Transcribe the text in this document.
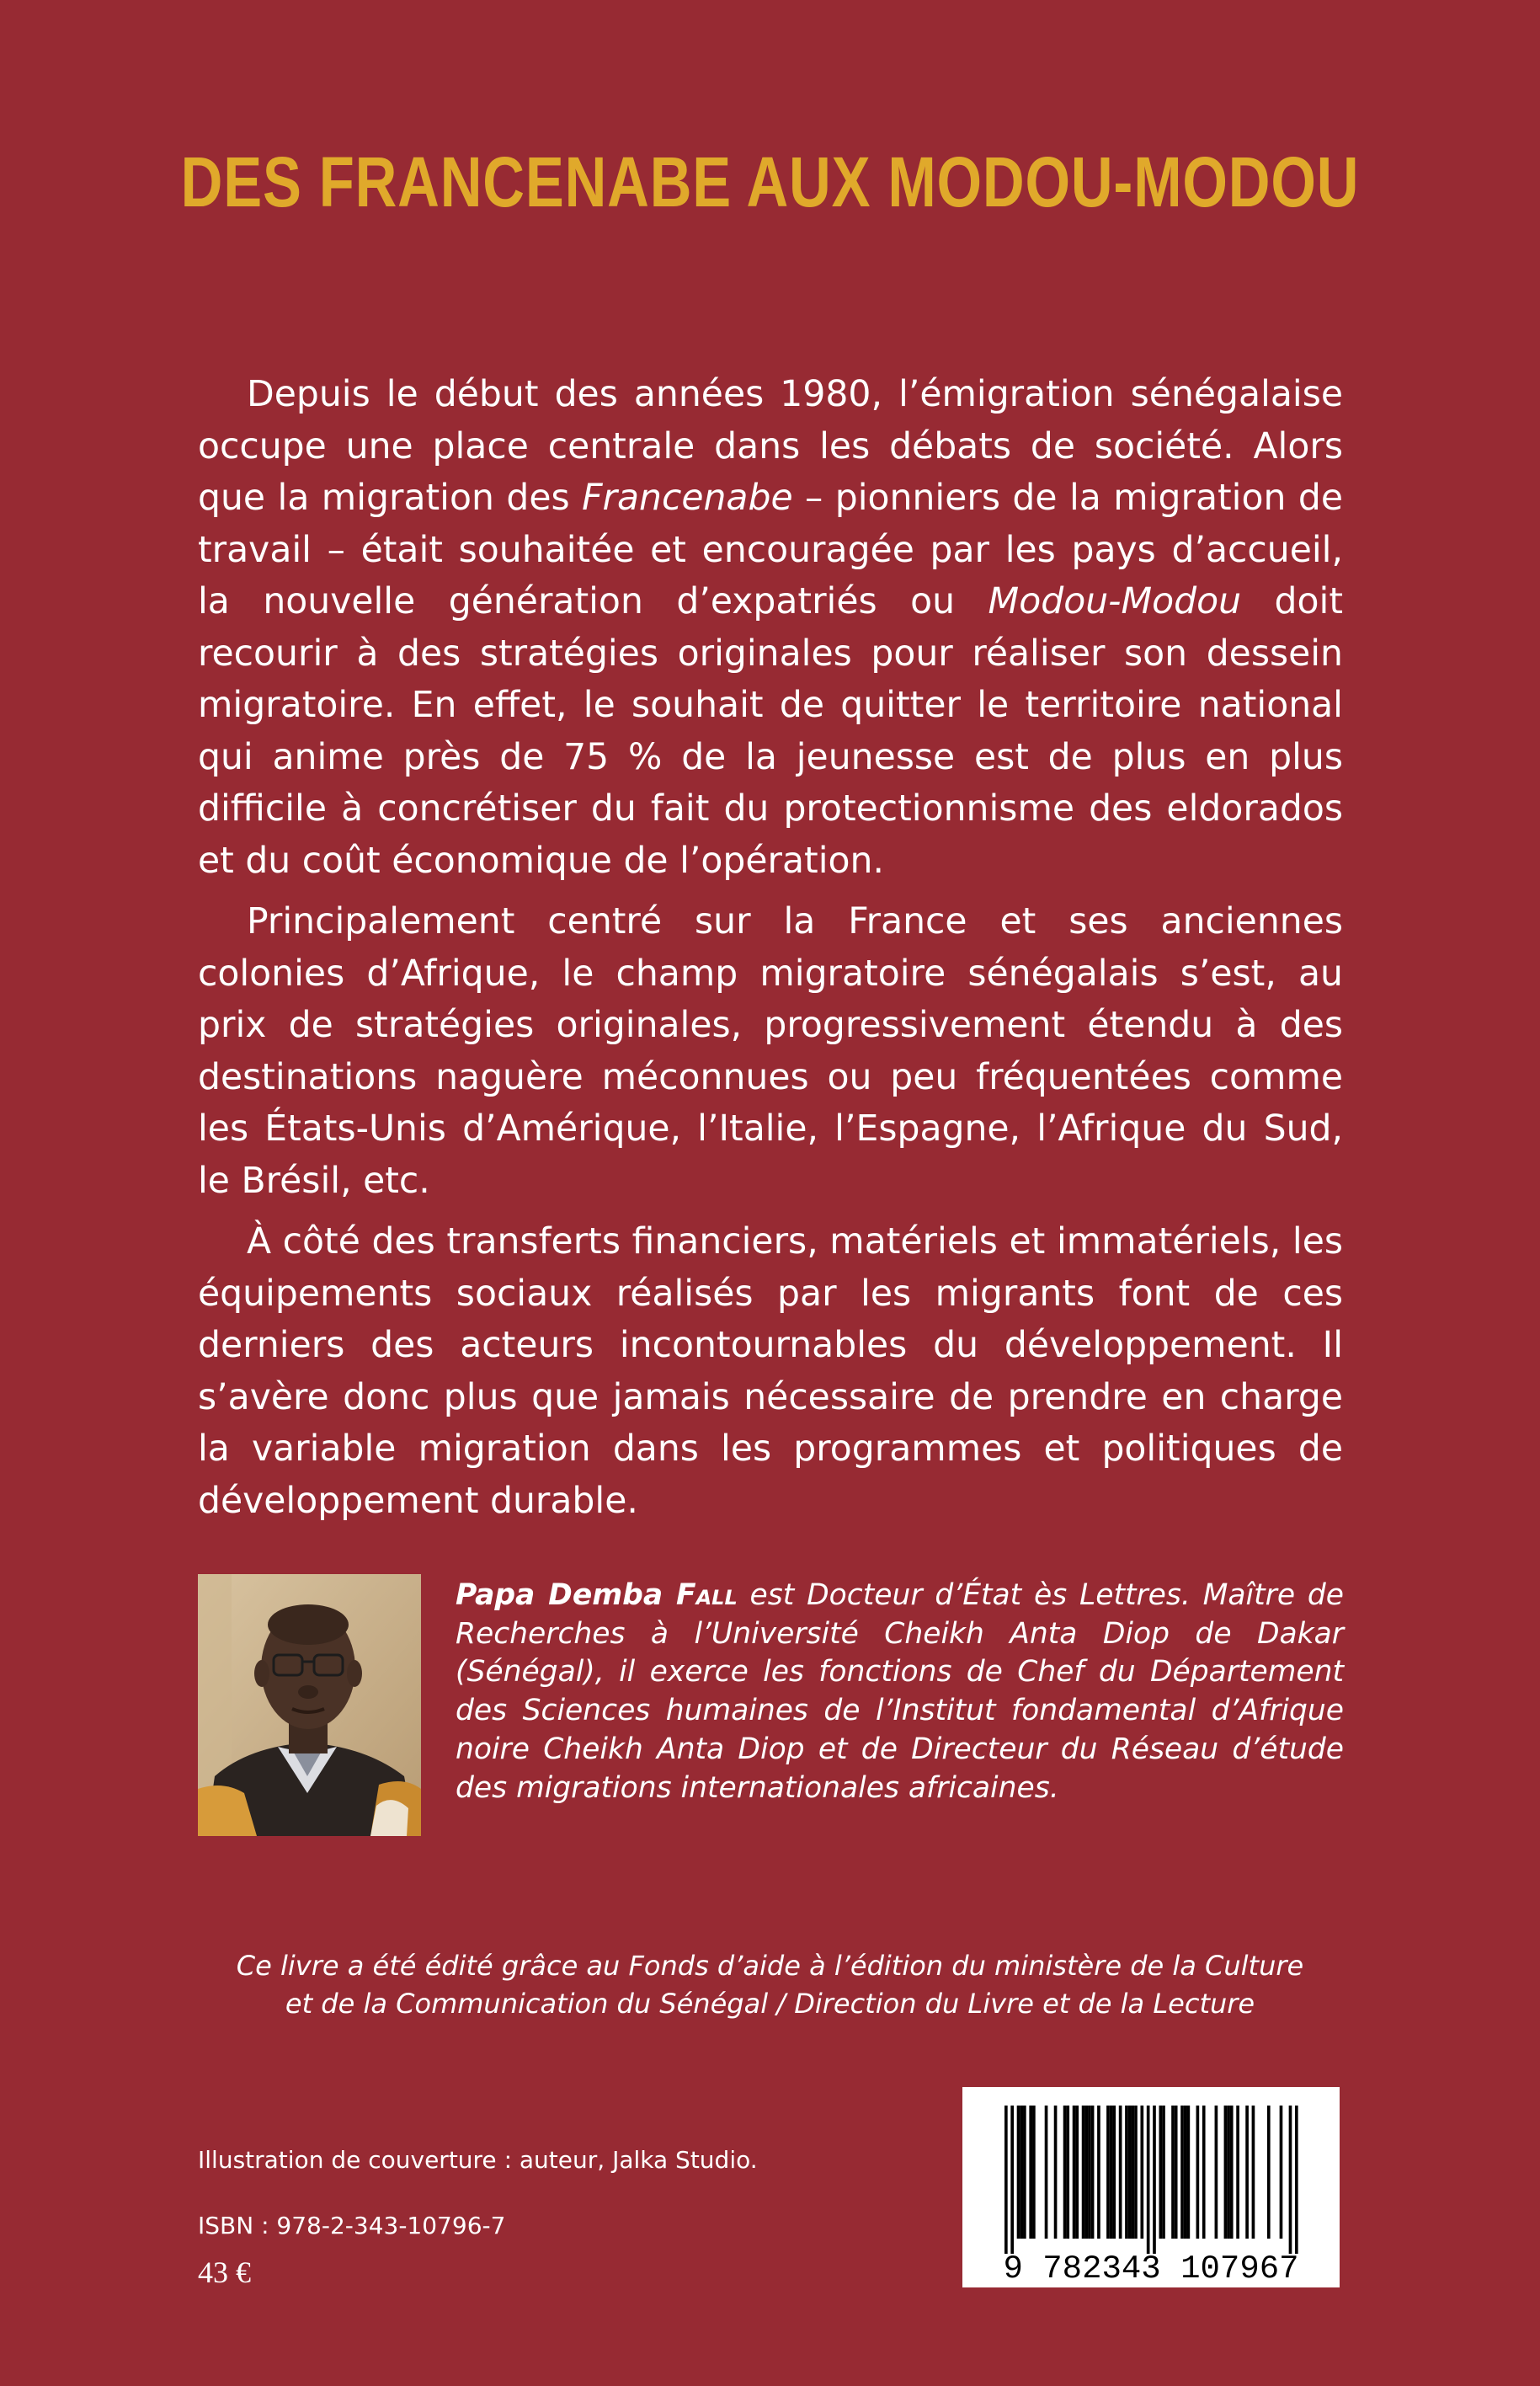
DES FRANCENABE AUX MODOU-MODOU

Depuis le début des années 1980, l’émigration sénégalaise occupe une place centrale dans les débats de société. Alors que la migration des Francenabe – pionniers de la migration de travail – était souhaitée et encouragée par les pays d’accueil, la nouvelle génération d’expatriés ou Modou-Modou doit recourir à des stratégies originales pour réaliser son dessein migratoire. En effet, le souhait de quitter le territoire national qui anime près de 75 % de la jeunesse est de plus en plus difficile à concrétiser du fait du protectionnisme des eldorados et du coût économique de l’opération.

Principalement centré sur la France et ses anciennes colonies d’Afrique, le champ migratoire sénégalais s’est, au prix de stratégies originales, progressivement étendu à des destinations naguère méconnues ou peu fréquentées comme les États-Unis d’Amérique, l’Italie, l’Espagne, l’Afrique du Sud, le Brésil, etc.

À côté des transferts financiers, matériels et immatériels, les équipements sociaux réalisés par les migrants font de ces derniers des acteurs incontournables du développement. Il s’avère donc plus que jamais nécessaire de prendre en charge la variable migration dans les programmes et politiques de développement durable.

Papa Demba Fall est Docteur d’État ès Lettres. Maître de Recherches à l’Université Cheikh Anta Diop de Dakar (Sénégal), il exerce les fonctions de Chef du Département des Sciences humaines de l’Institut fondamental d’Afrique noire Cheikh Anta Diop et de Directeur du Réseau d’étude des migrations internationales africaines.
Ce livre a été édité grâce au Fonds d’aide à l’édition du ministère de la Culture
et de la Communication du Sénégal / Direction du Livre et de la Lecture
Illustration de couverture : auteur, Jalka Studio.
ISBN : 978-2-343-10796-7
43 €	9 782343 107967
